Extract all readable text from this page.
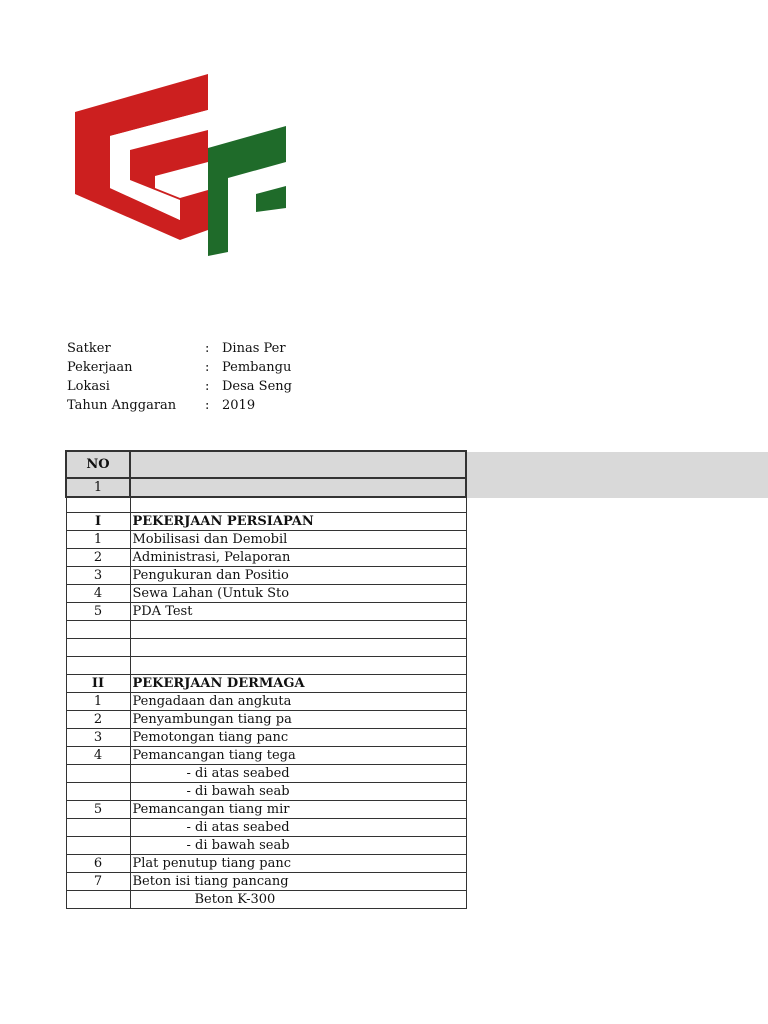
Satker	: Dinas Per
Pekerjaan	: Pembangu
Lokasi	: Desa Seng
Tahun Anggaran : 2019
NO	
1	

I	PEKERJAAN PERSIAPAN
1	Mobilisasi dan Demobil
2	Administrasi, Pelaporan
3	Pengukuran dan Positio
4	Sewa Lahan (Untuk Sto
5	PDA Test

II	PEKERJAAN DERMAGA
1	Pengadaan dan angkuta
2	Penyambungan tiang pa
3	Pemotongan tiang panc
4	Pemancangan tiang tega
	- di atas seabed
	- di bawah seab
5	Pemancangan tiang mir
	- di atas seabed
	- di bawah seab
6	Plat penutup tiang panc
7	Beton isi tiang pancang
	Beton K-300
